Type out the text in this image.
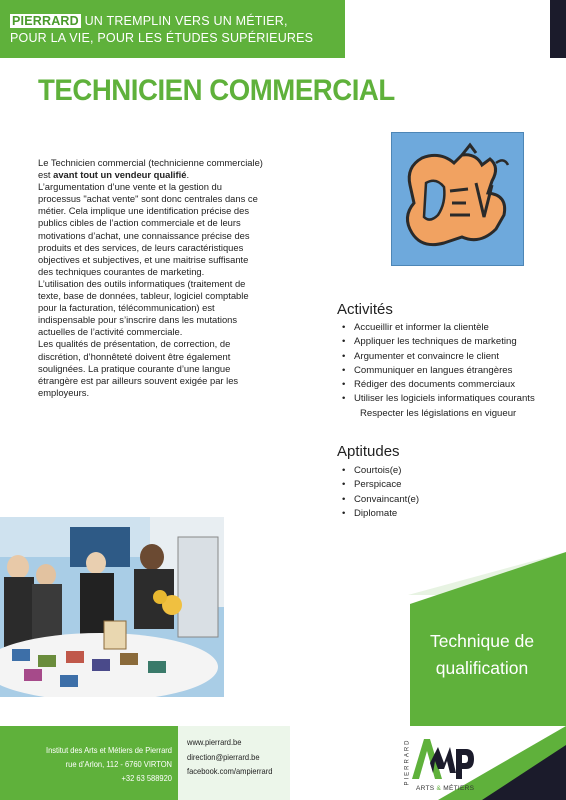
PIERRARD UN TREMPLIN VERS UN MÉTIER,
POUR LA VIE, POUR LES ÉTUDES SUPÉRIEURES
TECHNICIEN COMMERCIAL

Le Technicien commercial (technicienne commerciale) est avant tout un vendeur qualifié.

L’argumentation d’une vente et la gestion du processus "achat vente" sont donc centrales dans ce métier. Cela implique une identification précise des publics cibles de l’action commerciale et de leurs motivations d’achat, une connaissance précise des produits et des services, de leurs caractéristiques objectives et subjectives, et une maitrise suffisante des techniques courantes de marketing.

L’utilisation des outils informatiques (traitement de texte, base de données, tableur, logiciel comptable pour la facturation, télécommunication) est indispensable pour s’inscrire dans les mutations actuelles de l’activité commerciale.

Les qualités de présentation, de correction, de discrétion, d’honnêteté doivent être également soulignées. La pratique courante d’une langue étrangère est par ailleurs souvent exigée par les employeurs.

Activités
• Accueillir et informer la clientèle
• Appliquer les techniques de marketing
• Argumenter et convaincre le client
• Communiquer en langues étrangères
• Rédiger des documents commerciaux
• Utiliser les logiciels informatiques courants
Respecter les législations en vigueur
Aptitudes
• Courtois(e)
• Perspicace
• Convaincant(e)
• Diplomate
Technique de
qualification
Institut des Arts et Métiers de Pierrard
rue d’Arlon, 112 - 6760 VIRTON
+32 63 588920
www.pierrard.be
direction@pierrard.be
facebook.com/ampierrard	PIERRARD
ARTS & MÉTIERS
